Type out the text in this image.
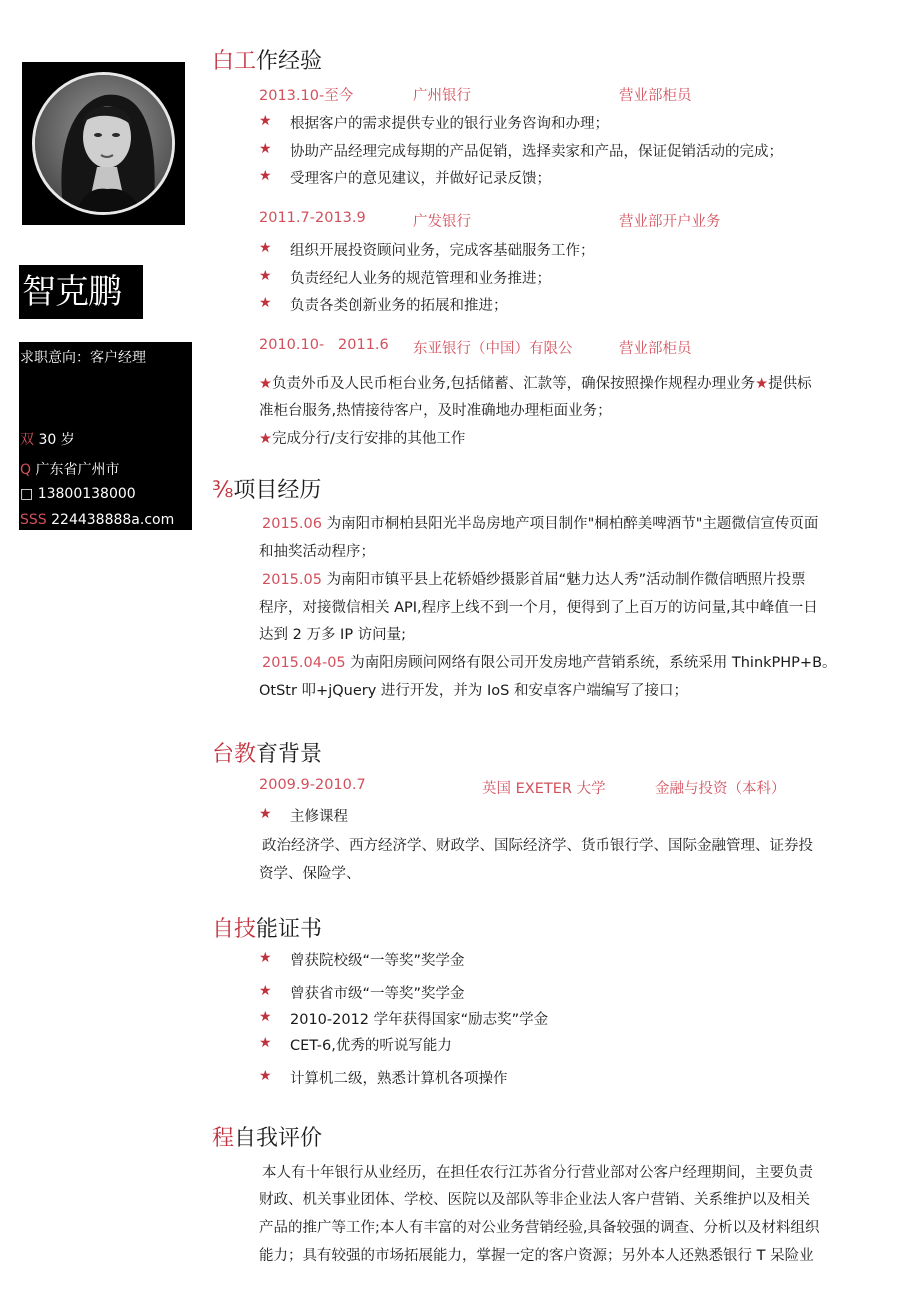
智克鹏
求职意向：客户经理
双 30 岁
Q 广东省广州市
□ 13800138000
SSS 224438888a.com
白工作经验
2013.10-至今	广州银行	营业部柜员
★ 根据客户的需求提供专业的银行业务咨询和办理；
★ 协助产品经理完成每期的产品促销，选择卖家和产品，保证促销活动的完成；
★ 受理客户的意见建议，并做好记录反馈；
2011.7-2013.9	广发银行	营业部开户业务
★ 组织开展投资顾问业务，完成客基础服务工作；
★ 负责经纪人业务的规范管理和业务推进；
★ 负责各类创新业务的拓展和推进；
2010.10-   2011.6 东亚银行（中国）有限公	营业部柜员
★负责外币及人民币柜台业务,包括储蓄、汇款等，确保按照操作规程办理业务★提供标
准柜台服务,热情接待客户，及时准确地办理柜面业务；
★完成分行/支行安排的其他工作
⅜项目经历
2015.06 为南阳市桐柏县阳光半岛房地产项目制作"桐柏醉美啤酒节"主题微信宣传页面
和抽奖活动程序；
2015.05 为南阳市镇平县上花轿婚纱摄影首届“魅力达人秀”活动制作微信晒照片投票
程序，对接微信相关 API,程序上线不到一个月，便得到了上百万的访问量,其中峰值一日
达到 2 万多 IP 访问量;
2015.04-05 为南阳房顾问网络有限公司开发房地产营销系统，系统采用 ThinkPHP+B。
OtStr 叩+jQuery 进行开发，并为 IoS 和安卓客户端编写了接口；
台教育背景
2009.9-2010.7	英国 EXETER 大学	金融与投资（本科）
★ 主修课程
政治经济学、西方经济学、财政学、国际经济学、货币银行学、国际金融管理、证券投
资学、保险学、
自技能证书
★ 曾获院校级“一等奖”奖学金
★ 曾获省市级“一等奖”奖学金
★ 2010-2012 学年获得国家“励志奖”学金
★ CET-6,优秀的听说写能力
★ 计算机二级，熟悉计算机各项操作
程自我评价
本人有十年银行从业经历，在担任农行江苏省分行营业部对公客户经理期间，主要负责
财政、机关事业团体、学校、医院以及部队等非企业法人客户营销、关系维护以及相关
产品的推广等工作;本人有丰富的对公业务营销经验,具备较强的调查、分析以及材料组织
能力；具有较强的市场拓展能力，掌握一定的客户资源；另外本人还熟悉银行 T 呆险业
